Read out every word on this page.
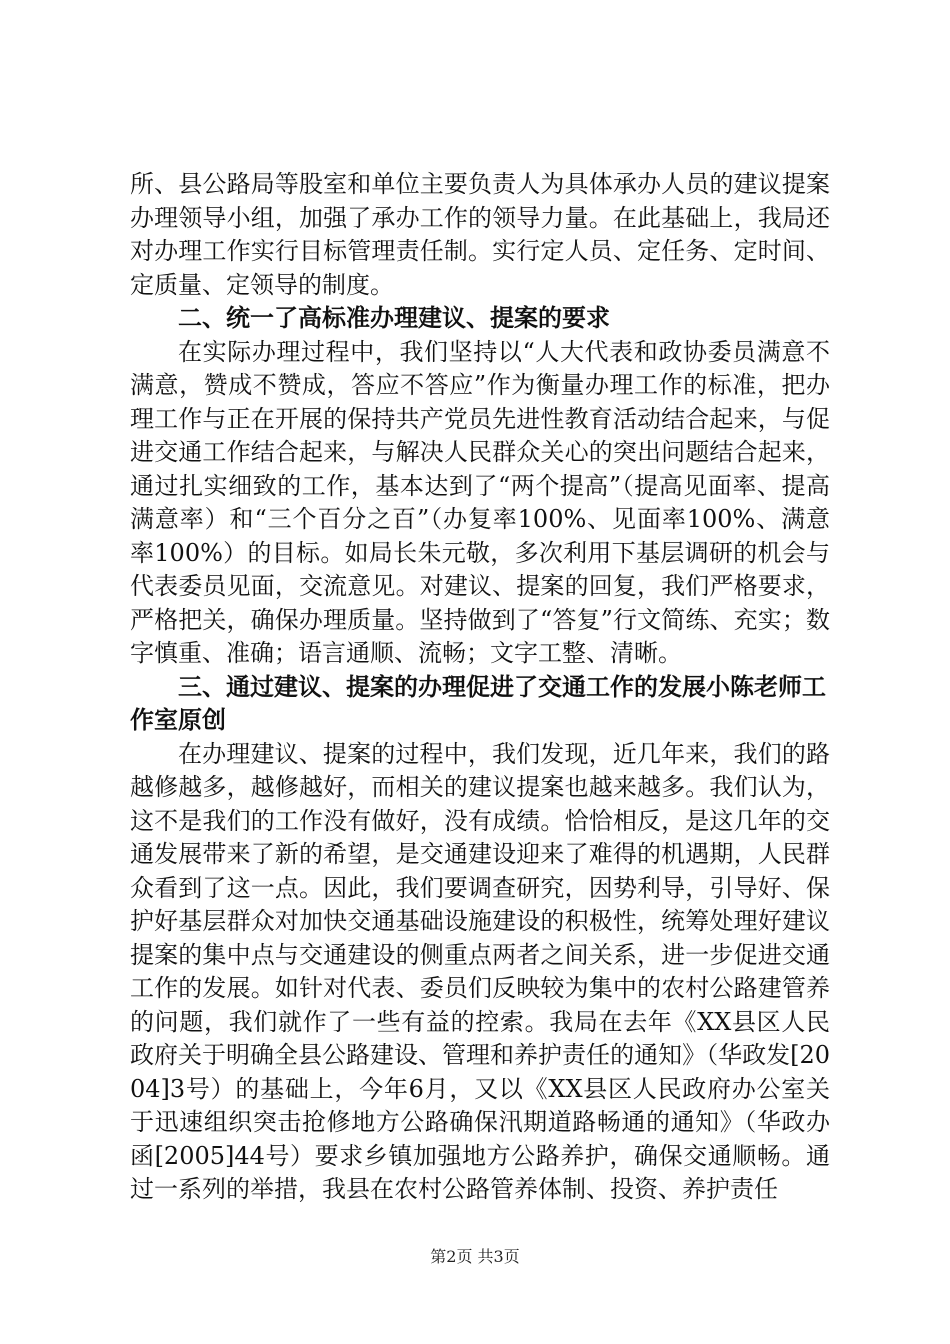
所、县公路局等股室和单位主要负责人为具体承办人员的建议提案办理领导小组，加强了承办工作的领导力量。在此基础上，我局还对办理工作实行目标管理责任制。实行定人员、定任务、定时间、定质量、定领导的制度。

二、统一了高标准办理建议、提案的要求

在实际办理过程中，我们坚持以“人大代表和政协委员满意不满意，赞成不赞成，答应不答应”作为衡量办理工作的标准，把办理工作与正在开展的保持共产党员先进性教育活动结合起来，与促进交通工作结合起来，与解决人民群众关心的突出问题结合起来，通过扎实细致的工作，基本达到了“两个提高”（提高见面率、提高满意率）和“三个百分之百”（办复率100%、见面率100%、满意率100%）的目标。如局长朱元敬，多次利用下基层调研的机会与代表委员见面，交流意见。对建议、提案的回复，我们严格要求，严格把关，确保办理质量。坚持做到了“答复”行文简练、充实；数字慎重、准确；语言通顺、流畅；文字工整、清晰。

三、通过建议、提案的办理促进了交通工作的发展小陈老师工作室原创

在办理建议、提案的过程中，我们发现，近几年来，我们的路越修越多，越修越好，而相关的建议提案也越来越多。我们认为，这不是我们的工作没有做好，没有成绩。恰恰相反，是这几年的交通发展带来了新的希望，是交通建设迎来了难得的机遇期，人民群众看到了这一点。因此，我们要调查研究，因势利导，引导好、保护好基层群众对加快交通基础设施建设的积极性，统筹处理好建议提案的集中点与交通建设的侧重点两者之间关系，进一步促进交通工作的发展。如针对代表、委员们反映较为集中的农村公路建管养的问题，我们就作了一些有益的控索。我局在去年《XX县区人民政府关于明确全县公路建设、管理和养护责任的通知》（华政发[2004]3号）的基础上，今年6月，又以《XX县区人民政府办公室关于迅速组织突击抢修地方公路确保汛期道路畅通的通知》（华政办函[2005]44号）要求乡镇加强地方公路养护，确保交通顺畅。通过一系列的举措，我县在农村公路管养体制、投资、养护责任

第2页 共3页
